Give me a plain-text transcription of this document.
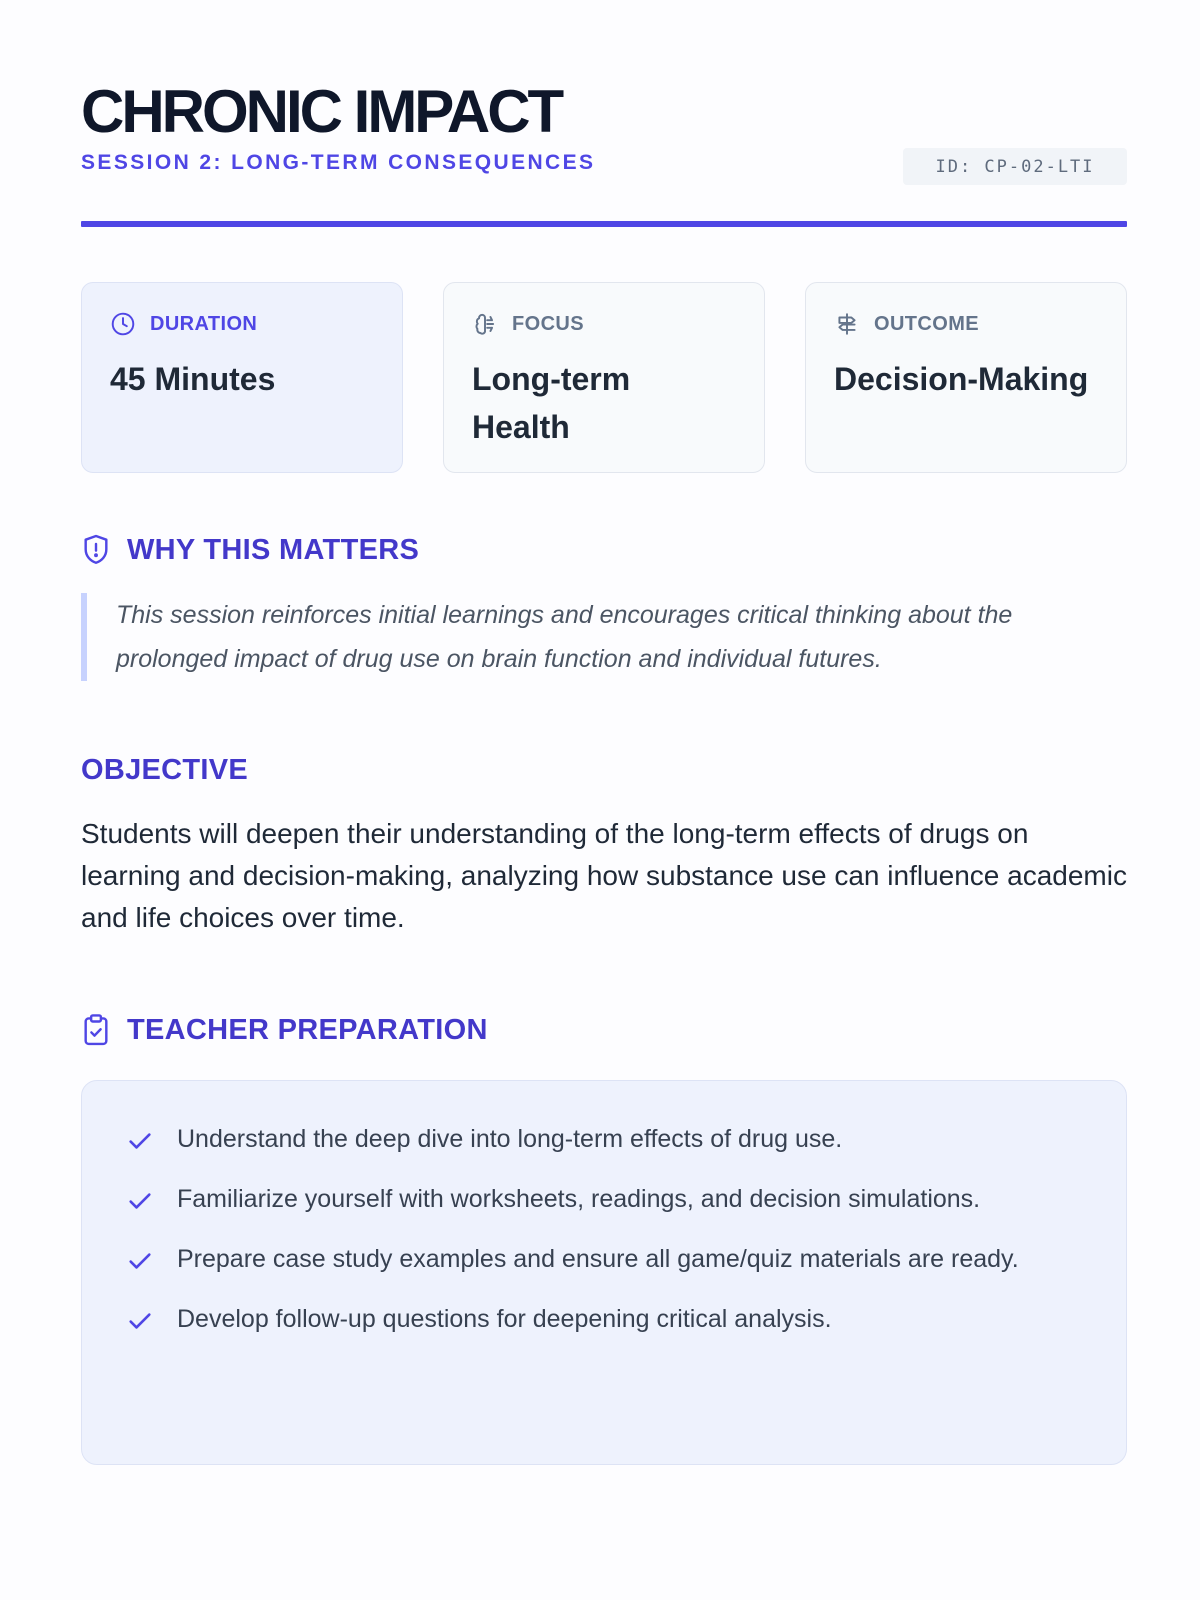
CHRONIC IMPACT
SESSION 2: LONG-TERM CONSEQUENCES	ID: CP-02-LTI
DURATION
45 Minutes
FOCUS
Long-term Health
OUTCOME
Decision-Making
WHY THIS MATTERS
This session reinforces initial learnings and encourages critical thinking about the prolonged impact of drug use on brain function and individual futures.
OBJECTIVE
Students will deepen their understanding of the long-term effects of drugs on learning and decision-making, analyzing how substance use can influence academic and life choices over time.
TEACHER PREPARATION
Understand the deep dive into long-term effects of drug use.
Familiarize yourself with worksheets, readings, and decision simulations.
Prepare case study examples and ensure all game/quiz materials are ready.
Develop follow-up questions for deepening critical analysis.
